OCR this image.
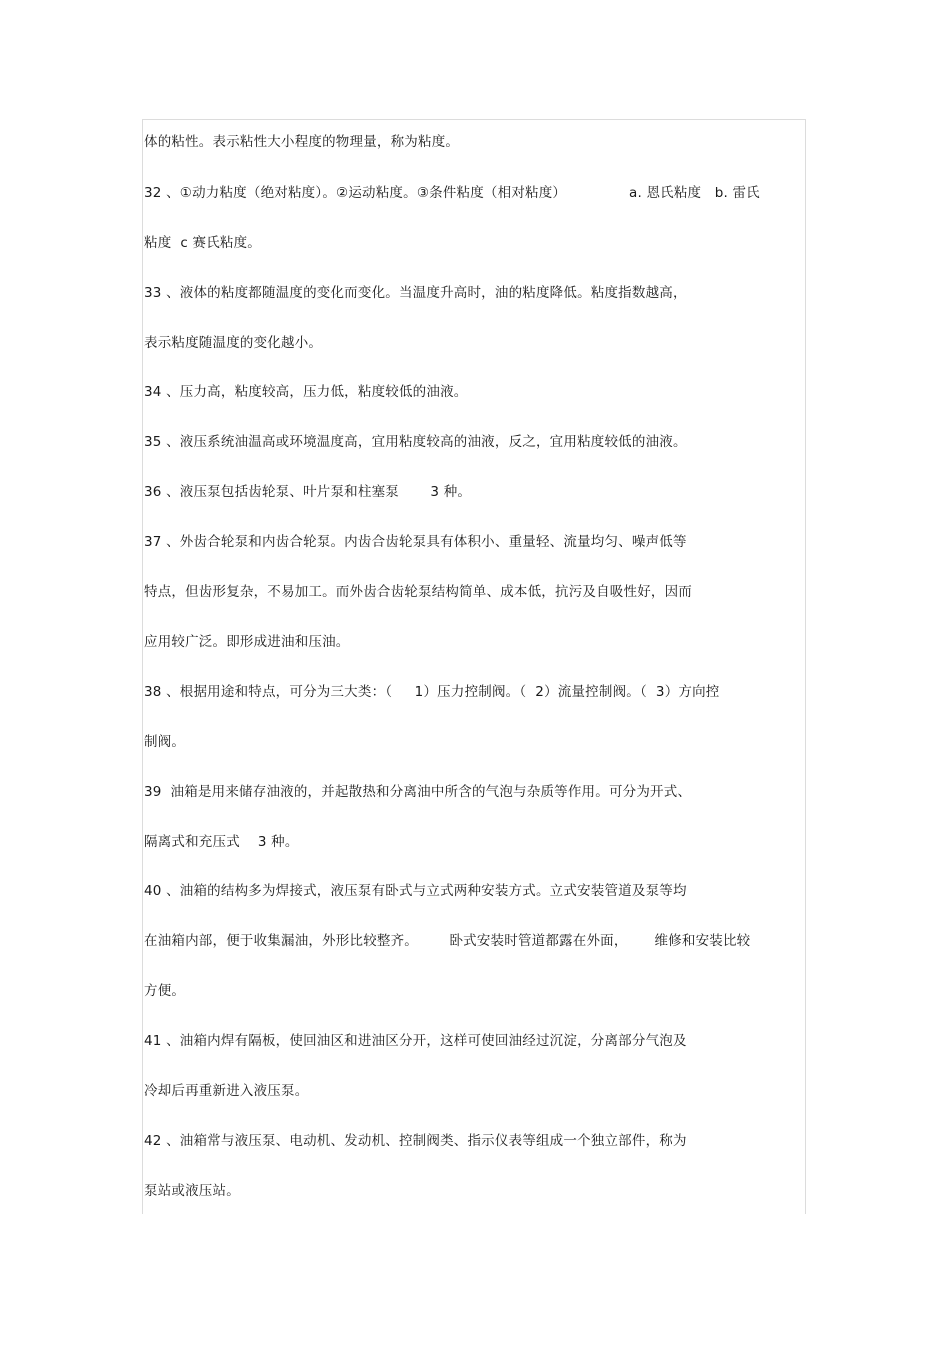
体的粘性。表示粘性大小程度的物理量，称为粘度。
32 、①动力粘度（绝对粘度）。②运动粘度。③条件粘度（相对粘度）              a. 恩氏粘度   b. 雷氏
粘度  c 赛氏粘度。
33 、液体的粘度都随温度的变化而变化。当温度升高时，油的粘度降低。粘度指数越高，
表示粘度随温度的变化越小。
34 、压力高，粘度较高，压力低，粘度较低的油液。
35 、液压系统油温高或环境温度高，宜用粘度较高的油液，反之，宜用粘度较低的油液。
36 、液压泵包括齿轮泵、叶片泵和柱塞泵       3 种。
37 、外齿合轮泵和内齿合轮泵。内齿合齿轮泵具有体积小、重量轻、流量均匀、噪声低等
特点，但齿形复杂，不易加工。而外齿合齿轮泵结构简单、成本低，抗污及自吸性好，因而
应用较广泛。即形成进油和压油。
38 、根据用途和特点，可分为三大类：（     1）压力控制阀。（  2）流量控制阀。（  3）方向控
制阀。
39  油箱是用来储存油液的，并起散热和分离油中所含的气泡与杂质等作用。可分为开式、
隔离式和充压式    3 种。
40 、油箱的结构多为焊接式，液压泵有卧式与立式两种安装方式。立式安装管道及泵等均
在油箱内部，便于收集漏油，外形比较整齐。       卧式安装时管道都露在外面，      维修和安装比较
方便。
41 、油箱内焊有隔板，使回油区和进油区分开，这样可使回油经过沉淀，分离部分气泡及
冷却后再重新进入液压泵。
42 、油箱常与液压泵、电动机、发动机、控制阀类、指示仪表等组成一个独立部件，称为
泵站或液压站。
